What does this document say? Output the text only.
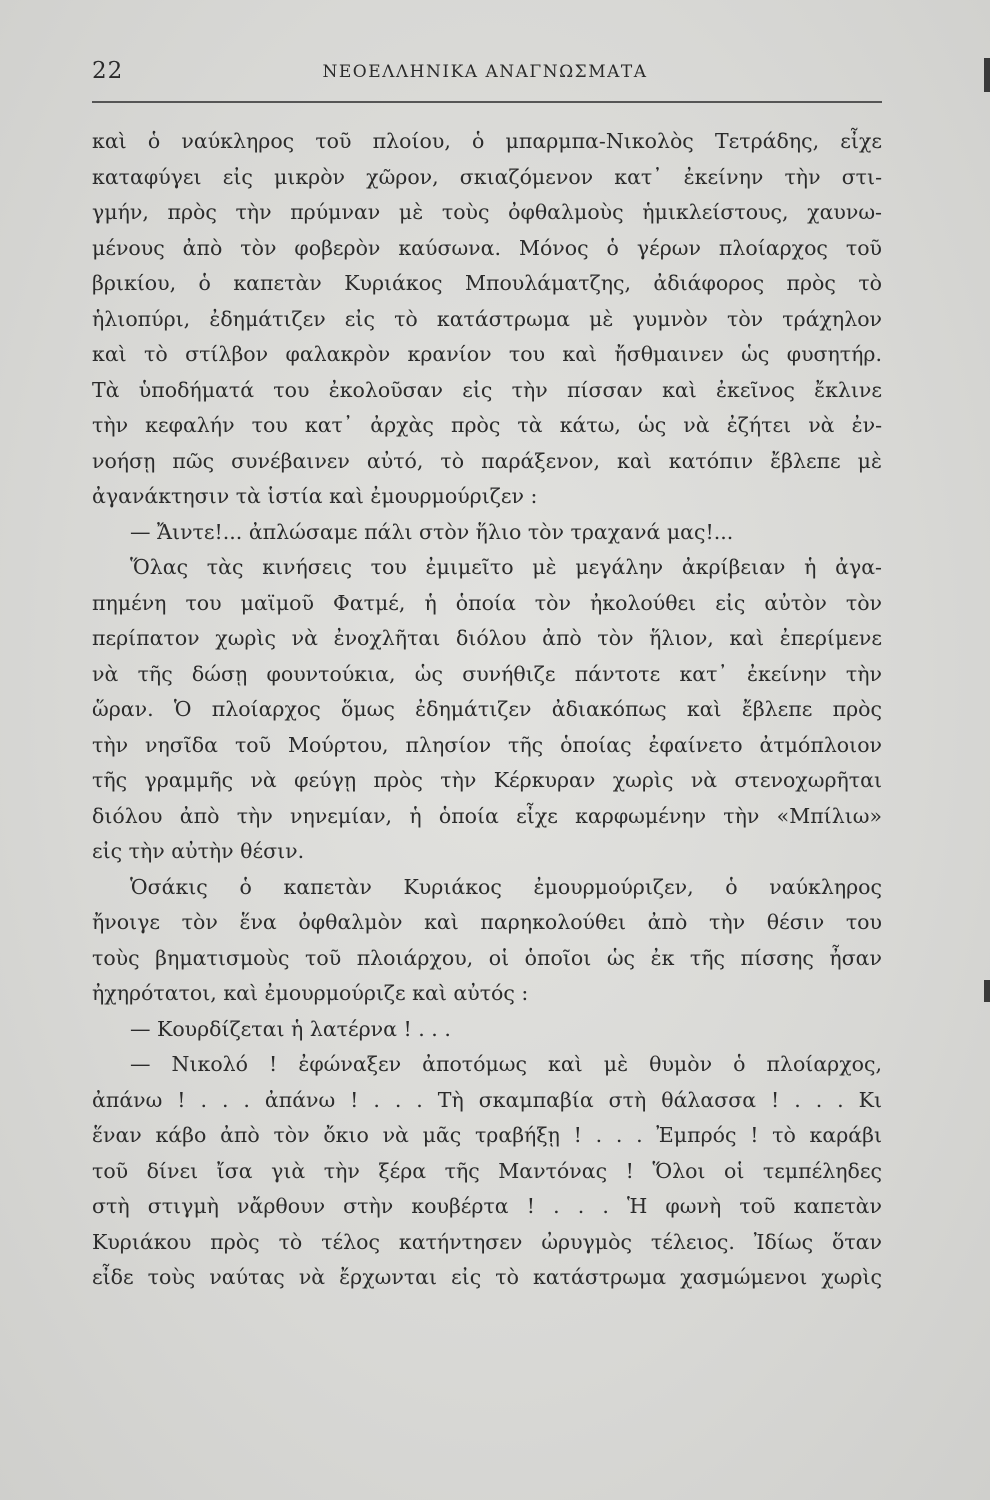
22	ΝΕΟΕΛΛΗΝΙΚΑ ΑΝΑΓΝΩΣΜΑΤΑ
καὶ ὁ ναύκληρος τοῦ πλοίου, ὁ μπαρμπα-Νικολὸς Τετράδης, εἶχε
καταφύγει εἰς μικρὸν χῶρον, σκιαζόμενον κατ᾽ ἐκείνην τὴν στι-
γμήν, πρὸς τὴν πρύμναν μὲ τοὺς ὀφθαλμοὺς ἡμικλείστους, χαυνω-
μένους ἀπὸ τὸν φοβερὸν καύσωνα. Μόνος ὁ γέρων πλοίαρχος τοῦ
βρικίου, ὁ καπετὰν Κυριάκος Μπουλάματζης, ἀδιάφορος πρὸς τὸ
ἡλιοπύρι, ἐδημάτιζεν εἰς τὸ κατάστρωμα μὲ γυμνὸν τὸν τράχηλον
καὶ τὸ στίλβον φαλακρὸν κρανίον του καὶ ἤσθμαινεν ὡς φυσητήρ.
Τὰ ὑποδήματά του ἐκολοῦσαν εἰς τὴν πίσσαν καὶ ἐκεῖνος ἔκλινε
τὴν κεφαλήν του κατ᾽ ἀρχὰς πρὸς τὰ κάτω, ὡς νὰ ἐζήτει νὰ ἐν-
νοήσῃ πῶς συνέβαινεν αὐτό, τὸ παράξενον, καὶ κατόπιν ἔβλεπε μὲ
ἀγανάκτησιν τὰ ἱστία καὶ ἐμουρμούριζεν :
— Ἄιντε!... ἀπλώσαμε πάλι στὸν ἥλιο τὸν τραχανά μας!...
Ὅλας τὰς κινήσεις του ἐμιμεῖτο μὲ μεγάλην ἀκρίβειαν ἡ ἀγα-
πημένη του μαϊμοῦ Φατμέ, ἡ ὁποία τὸν ἠκολούθει εἰς αὐτὸν τὸν
περίπατον χωρὶς νὰ ἐνοχλῆται διόλου ἀπὸ τὸν ἥλιον, καὶ ἐπερίμενε
νὰ τῆς δώσῃ φουντούκια, ὡς συνήθιζε πάντοτε κατ᾽ ἐκείνην τὴν
ὥραν. Ὁ πλοίαρχος ὅμως ἐδημάτιζεν ἀδιακόπως καὶ ἔβλεπε πρὸς
τὴν νησῖδα τοῦ Μούρτου, πλησίον τῆς ὁποίας ἐφαίνετο ἀτμόπλοιον
τῆς γραμμῆς νὰ φεύγῃ πρὸς τὴν Κέρκυραν χωρὶς νὰ στενοχωρῆται
διόλου ἀπὸ τὴν νηνεμίαν, ἡ ὁποία εἶχε καρφωμένην τὴν «Μπίλιω»
εἰς τὴν αὐτὴν θέσιν.
Ὁσάκις ὁ καπετὰν Κυριάκος ἐμουρμούριζεν, ὁ ναύκληρος
ἤνοιγε τὸν ἕνα ὀφθαλμὸν καὶ παρηκολούθει ἀπὸ τὴν θέσιν του
τοὺς βηματισμοὺς τοῦ πλοιάρχου, οἱ ὁποῖοι ὡς ἐκ τῆς πίσσης ἦσαν
ἠχηρότατοι, καὶ ἐμουρμούριζε καὶ αὐτός :
— Κουρδίζεται ἡ λατέρνα ! . . .
— Νικολό ! ἐφώναξεν ἀποτόμως καὶ μὲ θυμὸν ὁ πλοίαρχος,
ἀπάνω ! . . . ἀπάνω ! . . . Τὴ σκαμπαβία στὴ θάλασσα ! . . . Κι
ἕναν κάβο ἀπὸ τὸν ὄκιο νὰ μᾶς τραβήξῃ ! . . . Ἐμπρός ! τὸ καράβι
τοῦ δίνει ἴσα γιὰ τὴν ξέρα τῆς Μαντόνας ! Ὅλοι οἱ τεμπέληδες
στὴ στιγμὴ νἄρθουν στὴν κουβέρτα ! . . . Ἡ φωνὴ τοῦ καπετὰν
Κυριάκου πρὸς τὸ τέλος κατήντησεν ὠρυγμὸς τέλειος. Ἰδίως ὅταν
εἶδε τοὺς ναύτας νὰ ἔρχωνται εἰς τὸ κατάστρωμα χασμώμενοι χωρὶς
